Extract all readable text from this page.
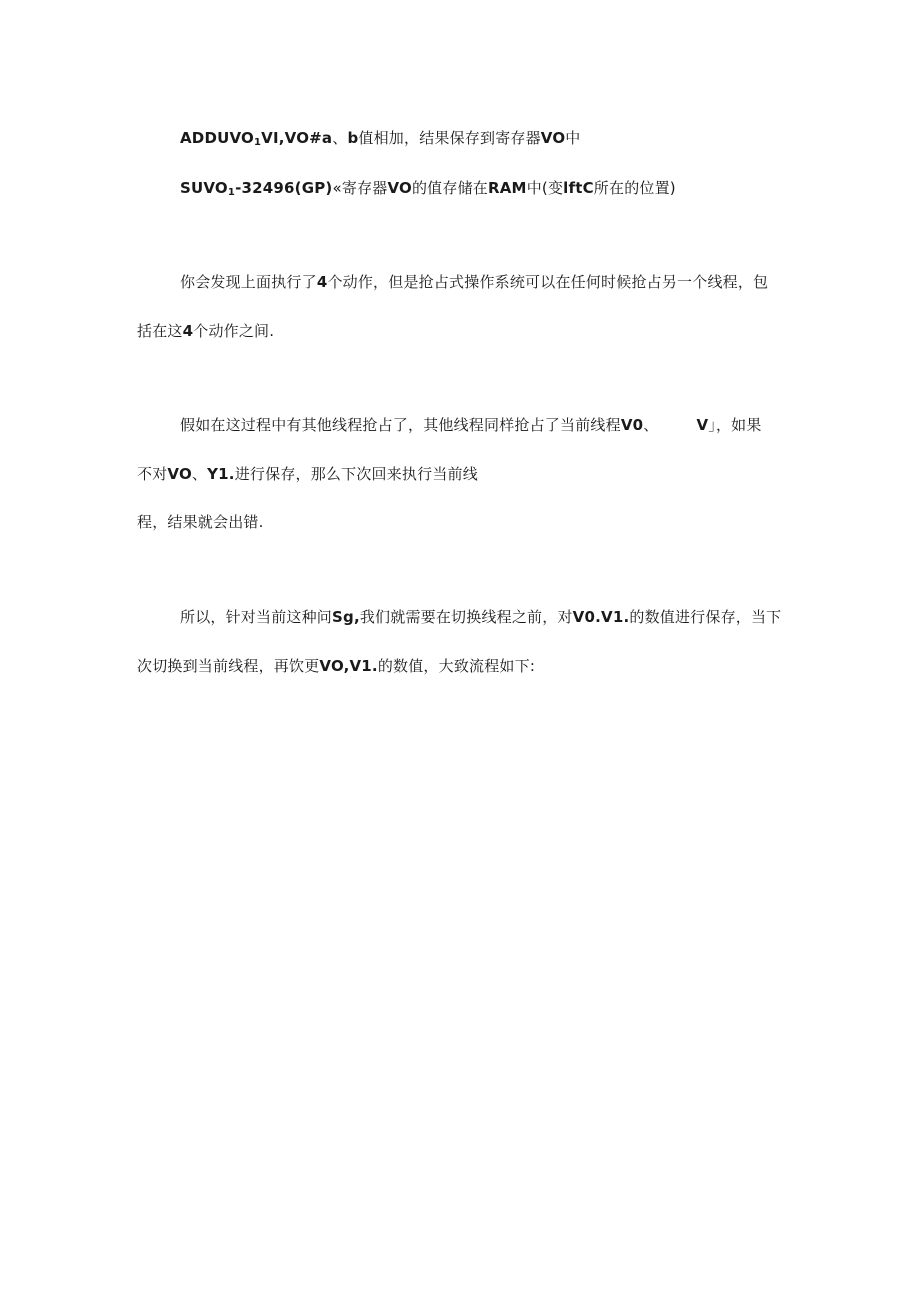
$ADDUVO_1VI,VO\#a$、b值相加，结果保存到寄存器VO中
$SUVO_1-32496(GP)«$寄存器VO的值存储在RAM中(变lftC所在的位置)
你会发现上面执行了4个动作，但是抢占式操作系统可以在任何时候抢占另一个线程，包
括在这4个动作之间.
假如在这过程中有其他线程抢占了，其他线程同样抢占了当前线程V0、	V」，如果
不对VO、Y1.进行保存，那么下次回来执行当前线
程，结果就会出错.
所以，针对当前这种问Sg,我们就需要在切换线程之前，对V0.V1.的数值进行保存，当下
次切换到当前线程，再饮更VO,V1.的数值，大致流程如下:
